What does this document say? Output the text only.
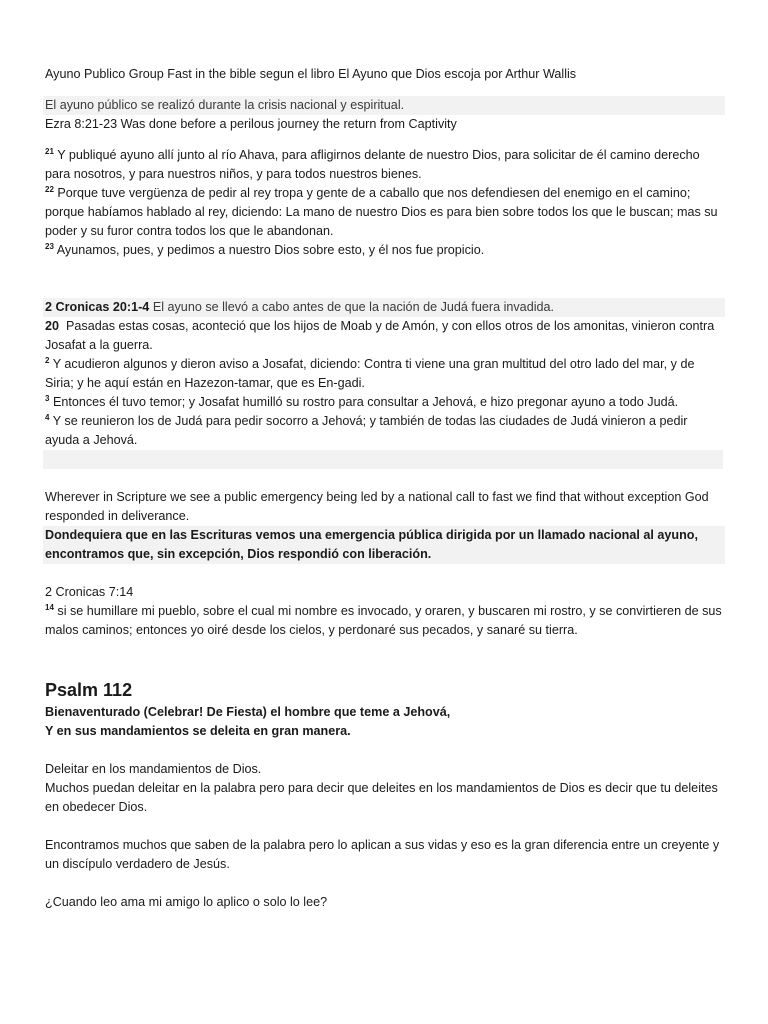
Ayuno Publico Group Fast in the bible segun el libro El Ayuno que Dios escoja por Arthur Wallis

El ayuno público se realizó durante la crisis nacional y espiritual.

Ezra 8:21-23 Was done before a perilous journey the return from Captivity

$^{21}$ Y publiqué ayuno allí junto al río Ahava, para afligirnos delante de nuestro Dios, para solicitar de él camino derecho para nosotros, y para nuestros niños, y para todos nuestros bienes.

$^{22}$ Porque tuve vergüenza de pedir al rey tropa y gente de a caballo que nos defendiesen del enemigo en el camino; porque habíamos hablado al rey, diciendo: La mano de nuestro Dios es para bien sobre todos los que le buscan; mas su poder y su furor contra todos los que le abandonan.

$^{23}$ Ayunamos, pues, y pedimos a nuestro Dios sobre esto, y él nos fue propicio.

2 Cronicas 20:1-4 El ayuno se llevó a cabo antes de que la nación de Judá fuera invadida.

20 Pasadas estas cosas, aconteció que los hijos de Moab y de Amón, y con ellos otros de los amonitas, vinieron contra Josafat a la guerra.

$^2$ Y acudieron algunos y dieron aviso a Josafat, diciendo: Contra ti viene una gran multitud del otro lado del mar, y de Siria; y he aquí están en Hazezon-tamar, que es En-gadi.

$^3$ Entonces él tuvo temor; y Josafat humilló su rostro para consultar a Jehová, e hizo pregonar ayuno a todo Judá.

$^4$ Y se reunieron los de Judá para pedir socorro a Jehová; y también de todas las ciudades de Judá vinieron a pedir ayuda a Jehová.

Wherever in Scripture we see a public emergency being led by a national call to fast we find that without exception God responded in deliverance.

Dondequiera que en las Escrituras vemos una emergencia pública dirigida por un llamado nacional al ayuno, encontramos que, sin excepción, Dios respondió con liberación.

2 Cronicas 7:14

$^{14}$ si se humillare mi pueblo, sobre el cual mi nombre es invocado, y oraren, y buscaren mi rostro, y se convirtieren de sus malos caminos; entonces yo oiré desde los cielos, y perdonaré sus pecados, y sanaré su tierra.

Psalm 112

Bienaventurado (Celebrar! De Fiesta) el hombre que teme a Jehová,

Y en sus mandamientos se deleita en gran manera.

Deleitar en los mandamientos de Dios.

Muchos puedan deleitar en la palabra pero para decir que deleites en los mandamientos de Dios es decir que tu deleites en obedecer Dios.

Encontramos muchos que saben de la palabra pero lo aplican a sus vidas y eso es la gran diferencia entre un creyente y un discípulo verdadero de Jesús.

¿Cuando leo ama mi amigo lo aplico o solo lo lee?
